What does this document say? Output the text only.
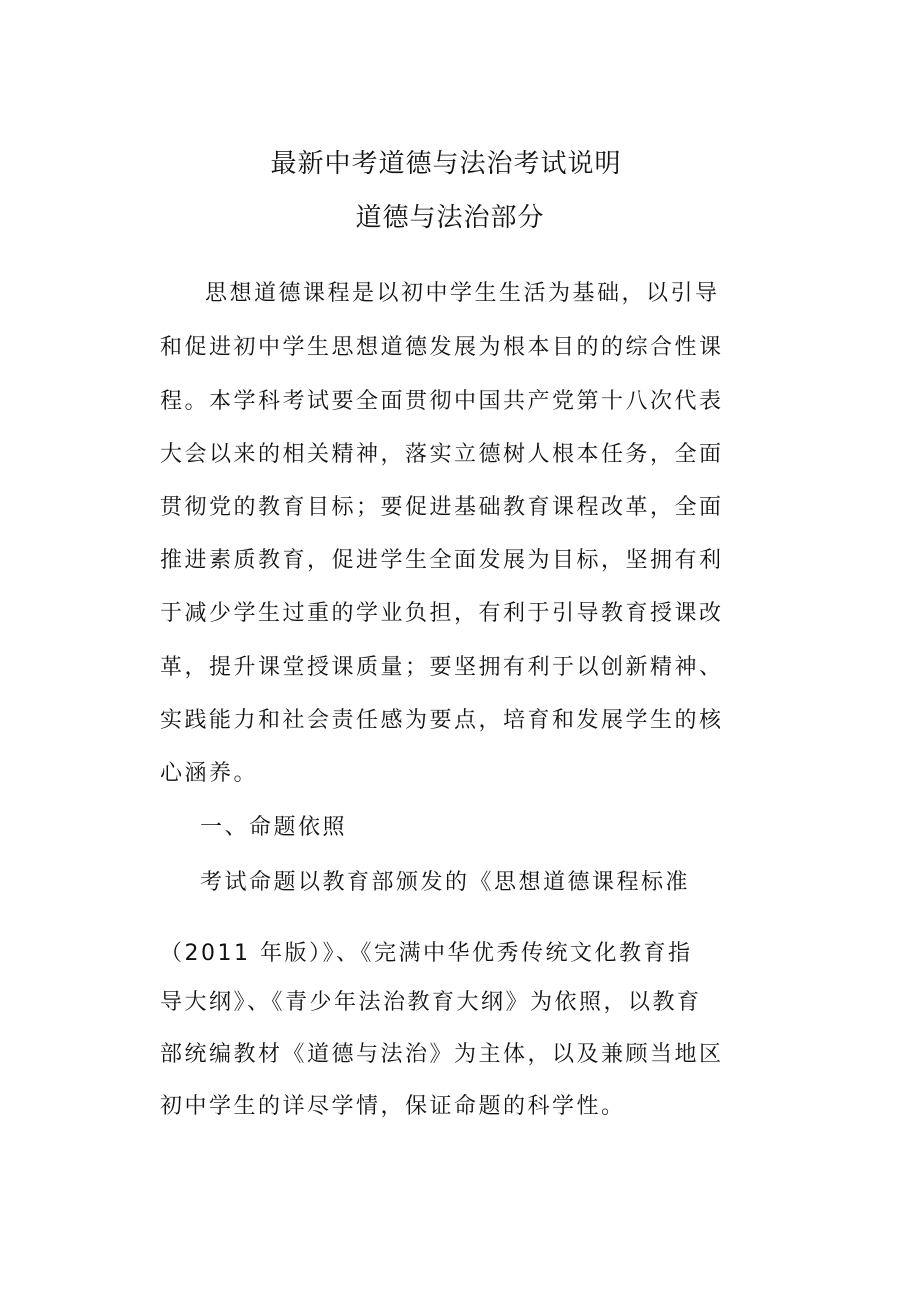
最新中考道德与法治考试说明
道德与法治部分
思想道德课程是以初中学生生活为基础，以引导
和促进初中学生思想道德发展为根本目的的综合性课
程。本学科考试要全面贯彻中国共产党第十八次代表
大会以来的相关精神，落实立德树人根本任务，全面
贯彻党的教育目标；要促进基础教育课程改革，全面
推进素质教育，促进学生全面发展为目标，坚拥有利
于减少学生过重的学业负担，有利于引导教育授课改
革，提升课堂授课质量；要坚拥有利于以创新精神、
实践能力和社会责任感为要点，培育和发展学生的核
心涵养。
一、命题依照
考试命题以教育部颁发的《思想道德课程标准
（2011 年版）》、《完满中华优秀传统文化教育指
导大纲》、《青少年法治教育大纲》为依照，以教育
部统编教材《道德与法治》为主体，以及兼顾当地区
初中学生的详尽学情，保证命题的科学性。
